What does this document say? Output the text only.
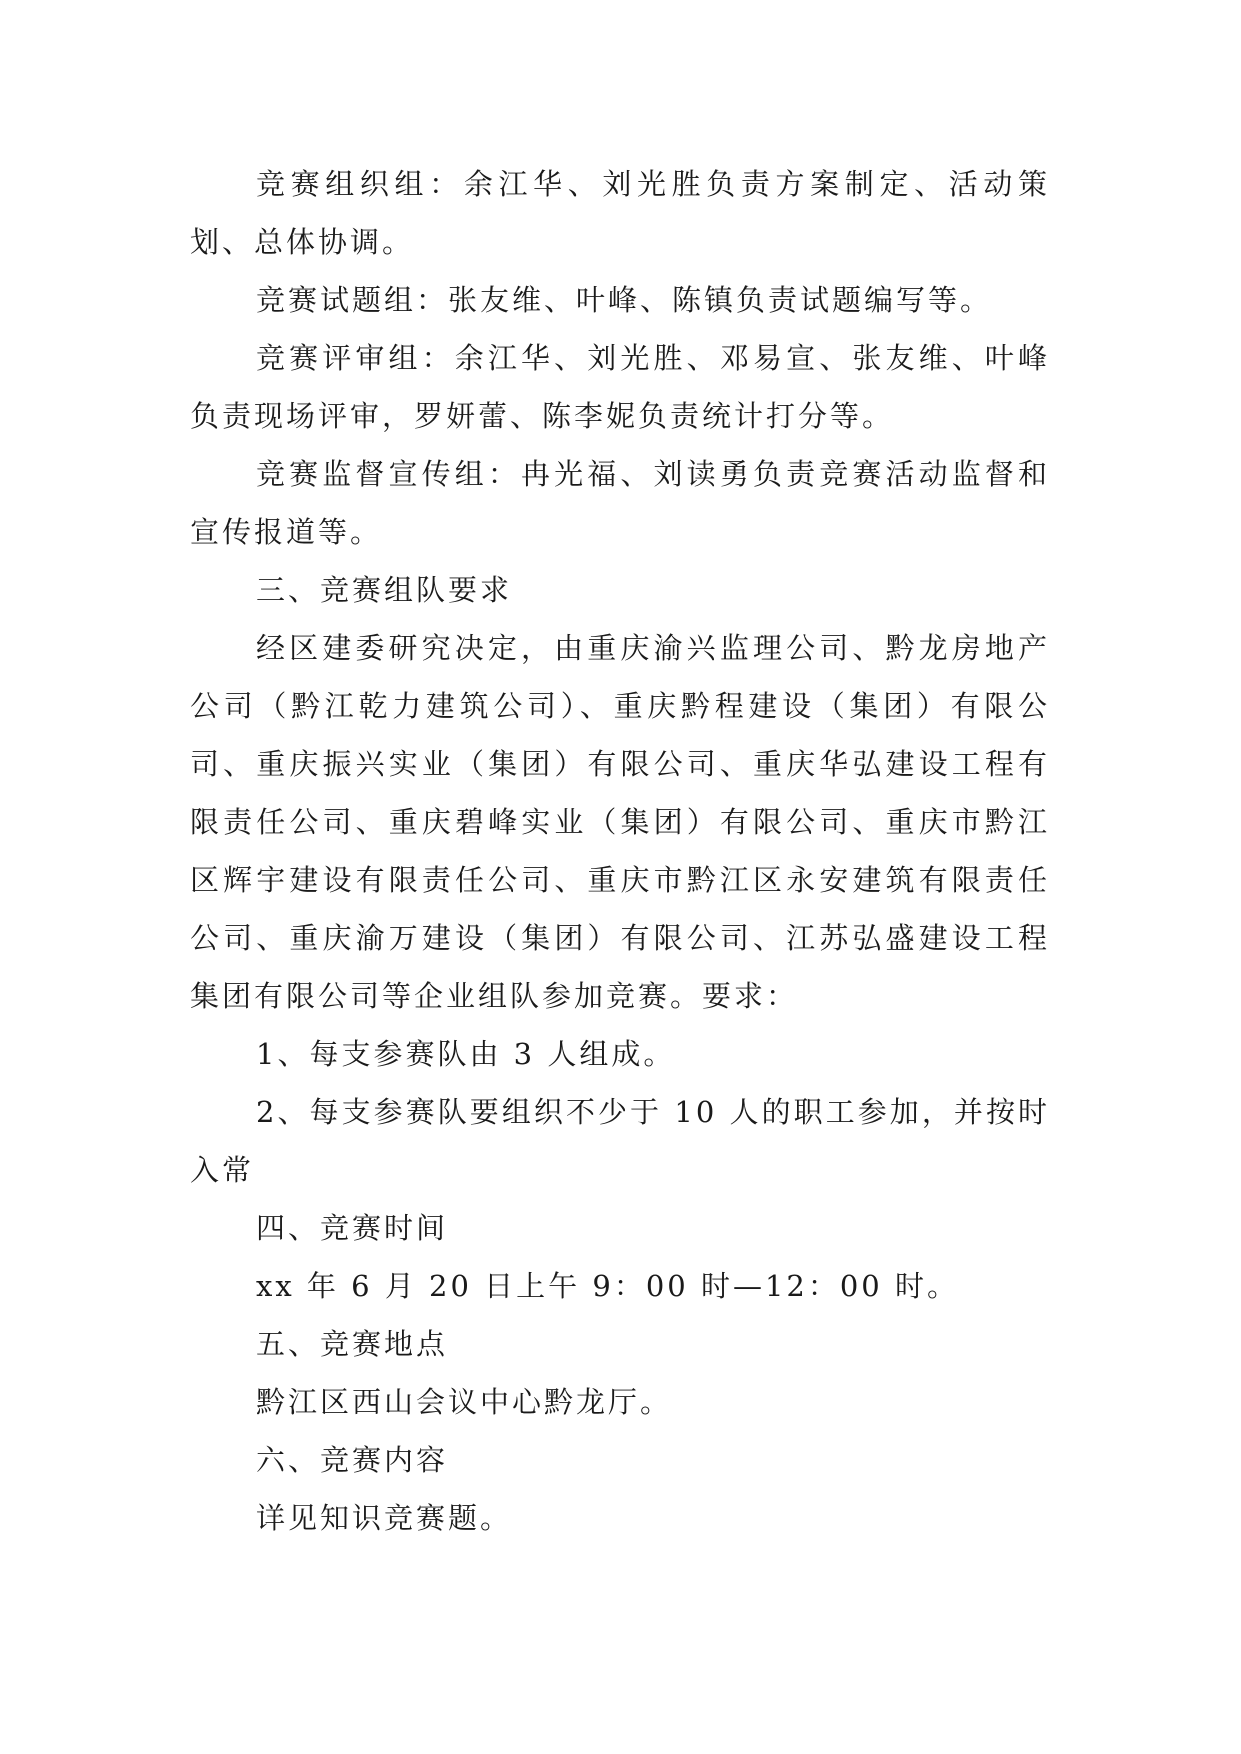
竞赛组织组：余江华、刘光胜负责方案制定、活动策划、总体协调。

竞赛试题组：张友维、叶峰、陈镇负责试题编写等。

竞赛评审组：余江华、刘光胜、邓易宣、张友维、叶峰负责现场评审，罗妍蕾、陈李妮负责统计打分等。

竞赛监督宣传组：冉光福、刘读勇负责竞赛活动监督和宣传报道等。

三、竞赛组队要求

经区建委研究决定，由重庆渝兴监理公司、黔龙房地产公司（黔江乾力建筑公司）、重庆黔程建设（集团）有限公司、重庆振兴实业（集团）有限公司、重庆华弘建设工程有限责任公司、重庆碧峰实业（集团）有限公司、重庆市黔江区辉宇建设有限责任公司、重庆市黔江区永安建筑有限责任公司、重庆渝万建设（集团）有限公司、江苏弘盛建设工程集团有限公司等企业组队参加竞赛。要求：

1、每支参赛队由 3 人组成。

2、每支参赛队要组织不少于 10 人的职工参加，并按时入常

四、竞赛时间

xx 年 6 月 20 日上午 9：00 时—12：00 时。

五、竞赛地点

黔江区西山会议中心黔龙厅。

六、竞赛内容

详见知识竞赛题。
